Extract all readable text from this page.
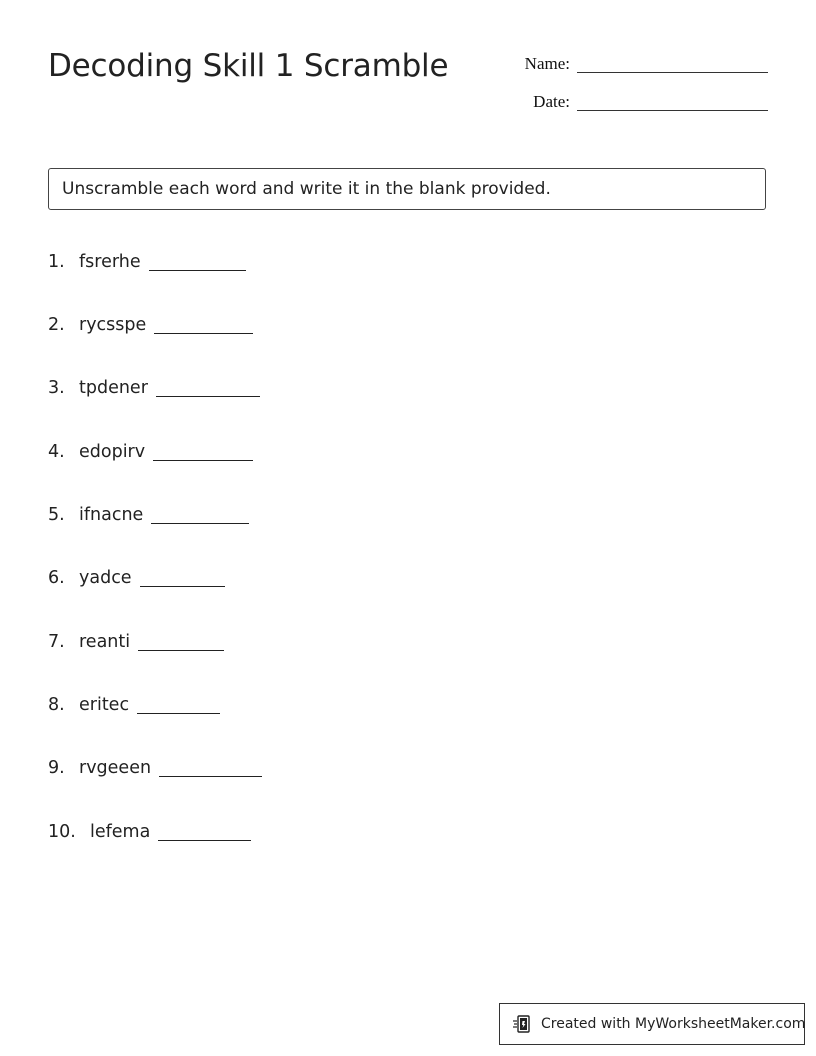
Decoding Skill 1 Scramble	Name:
Date:
Unscramble each word and write it in the blank provided.
1. fsrerhe
2. rycsspe
3. tpdener
4. edopirv
5. ifnacne
6. yadce
7. reanti
8. eritec
9. rvgeeen
10. lefema
Created with MyWorksheetMaker.com
